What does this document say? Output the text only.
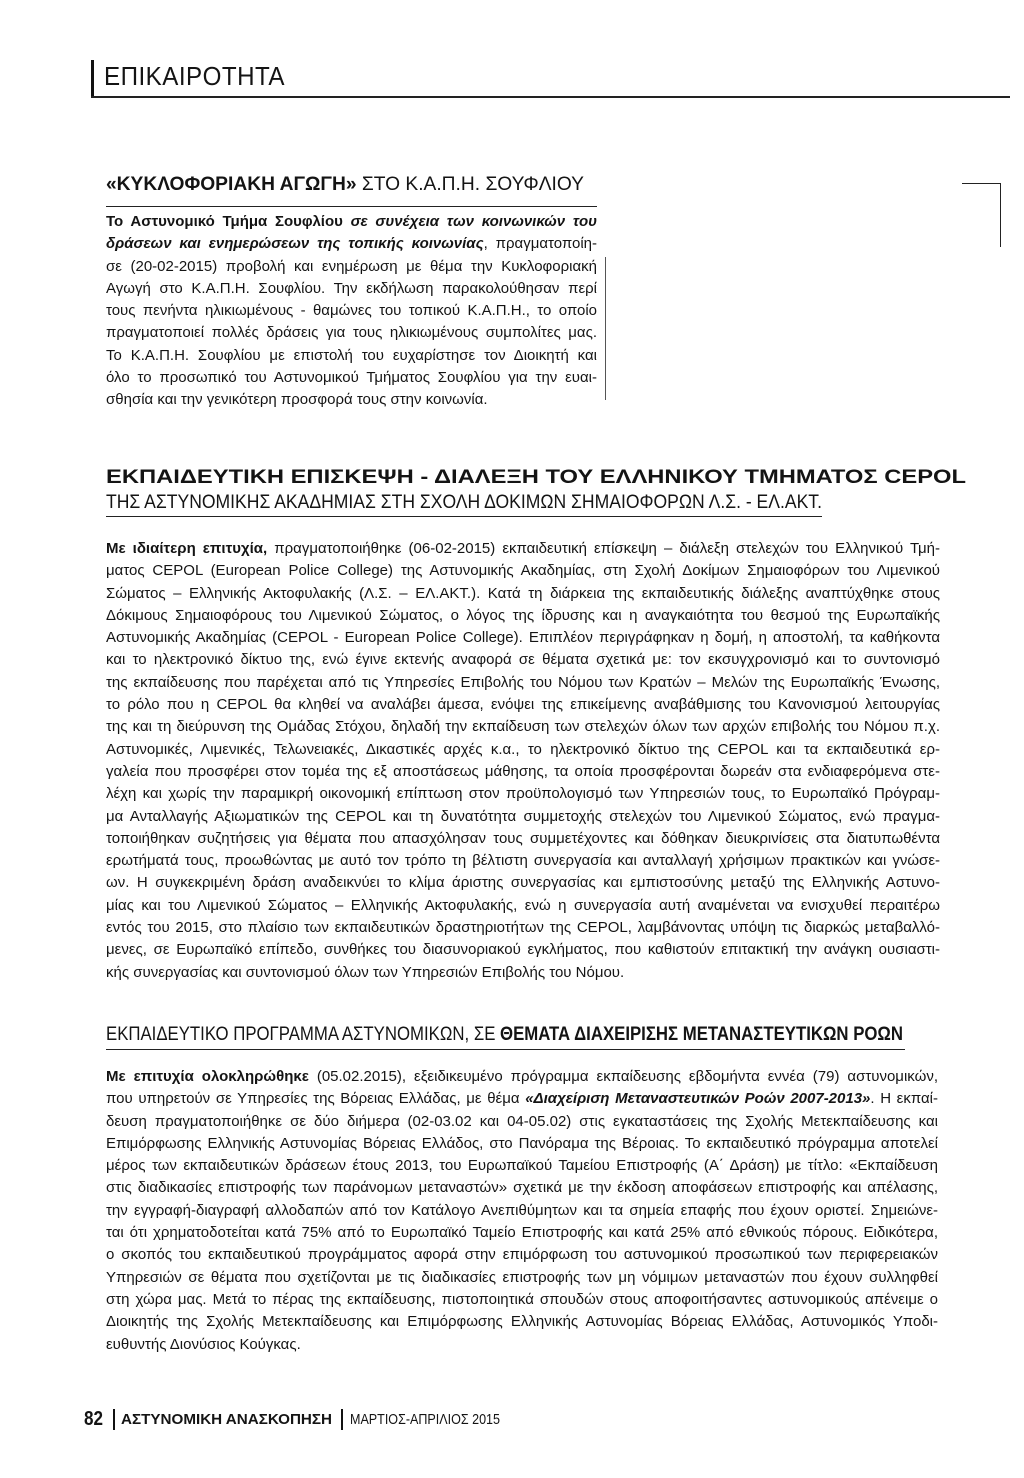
ΕΠΙΚΑΙΡΟΤΗΤΑ
«ΚΥΚΛΟΦΟΡΙΑΚΗ ΑΓΩΓΗ» ΣΤΟ Κ.Α.Π.Η. ΣΟΥΦΛΙΟΥ
Το Αστυνομικό Τμήμα Σουφλίου σε συνέχεια των κοινωνικών του
δράσεων και ενημερώσεων της τοπικής κοινωνίας, πραγματοποίη-
σε (20-02-2015) προβολή και ενημέρωση με θέμα την Κυκλοφοριακή
Αγωγή στο Κ.Α.Π.Η. Σουφλίου. Την εκδήλωση παρακολούθησαν περί
τους πενήντα ηλικιωμένους - θαμώνες του τοπικού Κ.Α.Π.Η., το οποίο
πραγματοποιεί πολλές δράσεις για τους ηλικιωμένους συμπολίτες μας.
Το Κ.Α.Π.Η. Σουφλίου με επιστολή του ευχαρίστησε τον Διοικητή και
όλο το προσωπικό του Αστυνομικού Τμήματος Σουφλίου για την ευαι-
σθησία και την γενικότερη προσφορά τους στην κοινωνία.
ΕΚΠΑΙΔΕΥΤΙΚΗ ΕΠΙΣΚΕΨΗ - ΔΙΑΛΕΞΗ ΤΟΥ ΕΛΛΗΝΙΚΟΥ ΤΜΗΜΑΤΟΣ CEPOL
ΤΗΣ ΑΣΤΥΝΟΜΙΚΗΣ ΑΚΑΔΗΜΙΑΣ ΣΤΗ ΣΧΟΛΗ ΔΟΚΙΜΩΝ ΣΗΜΑΙΟΦΟΡΩΝ Λ.Σ. - ΕΛ.ΑΚΤ.
Με ιδιαίτερη επιτυχία, πραγματοποιήθηκε (06-02-2015) εκπαιδευτική επίσκεψη – διάλεξη στελεχών του Ελληνικού Τμή-
ματος CEPOL (European Police College) της Αστυνομικής Ακαδημίας, στη Σχολή Δοκίμων Σημαιοφόρων του Λιμενικού
Σώματος – Ελληνικής Ακτοφυλακής (Λ.Σ. – ΕΛ.ΑΚΤ.). Κατά τη διάρκεια της εκπαιδευτικής διάλεξης αναπτύχθηκε στους
Δόκιμους Σημαιοφόρους του Λιμενικού Σώματος, ο λόγος της ίδρυσης και η αναγκαιότητα του θεσμού της Ευρωπαϊκής
Αστυνομικής Ακαδημίας (CEPOL - European Police College). Επιπλέον περιγράφηκαν η δομή, η αποστολή, τα καθήκοντα
και το ηλεκτρονικό δίκτυο της, ενώ έγινε εκτενής αναφορά σε θέματα σχετικά με: τον εκσυγχρονισμό και το συντονισμό
της εκπαίδευσης που παρέχεται από τις Υπηρεσίες Επιβολής του Νόμου των Κρατών – Μελών της Ευρωπαϊκής Ένωσης,
το ρόλο που η CEPOL θα κληθεί να αναλάβει άμεσα, ενόψει της επικείμενης αναβάθμισης του Κανονισμού λειτουργίας
της και τη διεύρυνση της Ομάδας Στόχου, δηλαδή την εκπαίδευση των στελεχών όλων των αρχών επιβολής του Νόμου π.χ.
Αστυνομικές, Λιμενικές, Τελωνειακές, Δικαστικές αρχές κ.α., το ηλεκτρονικό δίκτυο της CEPOL και τα εκπαιδευτικά ερ-
γαλεία που προσφέρει στον τομέα της εξ αποστάσεως μάθησης, τα οποία προσφέρονται δωρεάν στα ενδιαφερόμενα στε-
λέχη και χωρίς την παραμικρή οικονομική επίπτωση στον προϋπολογισμό των Υπηρεσιών τους, το Ευρωπαϊκό Πρόγραμ-
μα Ανταλλαγής Αξιωματικών της CEPOL και τη δυνατότητα συμμετοχής στελεχών του Λιμενικού Σώματος, ενώ πραγμα-
τοποιήθηκαν συζητήσεις για θέματα που απασχόλησαν τους συμμετέχοντες και δόθηκαν διευκρινίσεις στα διατυπωθέντα
ερωτήματά τους, προωθώντας με αυτό τον τρόπο τη βέλτιστη συνεργασία και ανταλλαγή χρήσιμων πρακτικών και γνώσε-
ων. Η συγκεκριμένη δράση αναδεικνύει το κλίμα άριστης συνεργασίας και εμπιστοσύνης μεταξύ της Ελληνικής Αστυνο-
μίας και του Λιμενικού Σώματος – Ελληνικής Ακτοφυλακής, ενώ η συνεργασία αυτή αναμένεται να ενισχυθεί περαιτέρω
εντός του 2015, στο πλαίσιο των εκπαιδευτικών δραστηριοτήτων της CEPOL, λαμβάνοντας υπόψη τις διαρκώς μεταβαλλό-
μενες, σε Ευρωπαϊκό επίπεδο, συνθήκες του διασυνοριακού εγκλήματος, που καθιστούν επιτακτική την ανάγκη ουσιαστι-
κής συνεργασίας και συντονισμού όλων των Υπηρεσιών Επιβολής του Νόμου.
ΕΚΠΑΙΔΕΥΤΙΚΟ ΠΡΟΓΡΑΜΜΑ ΑΣΤΥΝΟΜΙΚΩΝ, ΣΕ ΘΕΜΑΤΑ ΔΙΑΧΕΙΡΙΣΗΣ ΜΕΤΑΝΑΣΤΕΥΤΙΚΩΝ ΡΟΩΝ
Με επιτυχία ολοκληρώθηκε (05.02.2015), εξειδικευμένο πρόγραμμα εκπαίδευσης εβδομήντα εννέα (79) αστυνομικών,
που υπηρετούν σε Υπηρεσίες της Βόρειας Ελλάδας, με θέμα «Διαχείριση Μεταναστευτικών Ροών 2007-2013». Η εκπαί-
δευση πραγματοποιήθηκε σε δύο διήμερα (02-03.02 και 04-05.02) στις εγκαταστάσεις της Σχολής Μετεκπαίδευσης και
Επιμόρφωσης Ελληνικής Αστυνομίας Βόρειας Ελλάδος, στο Πανόραμα της Βέροιας. Το εκπαιδευτικό πρόγραμμα αποτελεί
μέρος των εκπαιδευτικών δράσεων έτους 2013, του Ευρωπαϊκού Ταμείου Επιστροφής (Α΄ Δράση) με τίτλο: «Εκπαίδευση
στις διαδικασίες επιστροφής των παράνομων μεταναστών» σχετικά με την έκδοση αποφάσεων επιστροφής και απέλασης,
την εγγραφή-διαγραφή αλλοδαπών από τον Κατάλογο Ανεπιθύμητων και τα σημεία επαφής που έχουν οριστεί. Σημειώνε-
ται ότι χρηματοδοτείται κατά 75% από το Ευρωπαϊκό Ταμείο Επιστροφής και κατά 25% από εθνικούς πόρους. Ειδικότερα,
ο σκοπός του εκπαιδευτικού προγράμματος αφορά στην επιμόρφωση του αστυνομικού προσωπικού των περιφερειακών
Υπηρεσιών σε θέματα που σχετίζονται με τις διαδικασίες επιστροφής των μη νόμιμων μεταναστών που έχουν συλληφθεί
στη χώρα μας. Μετά το πέρας της εκπαίδευσης, πιστοποιητικά σπουδών στους αποφοιτήσαντες αστυνομικούς απένειμε ο
Διοικητής της Σχολής Μετεκπαίδευσης και Επιμόρφωσης Ελληνικής Αστυνομίας Βόρειας Ελλάδας, Αστυνομικός Υποδι-
ευθυντής Διονύσιος Κούγκας.
82 ΑΣΤΥΝΟΜΙΚΗ ΑΝΑΣΚΟΠΗΣΗ ΜΑΡΤΙΟΣ-ΑΠΡΙΛΙΟΣ 2015
